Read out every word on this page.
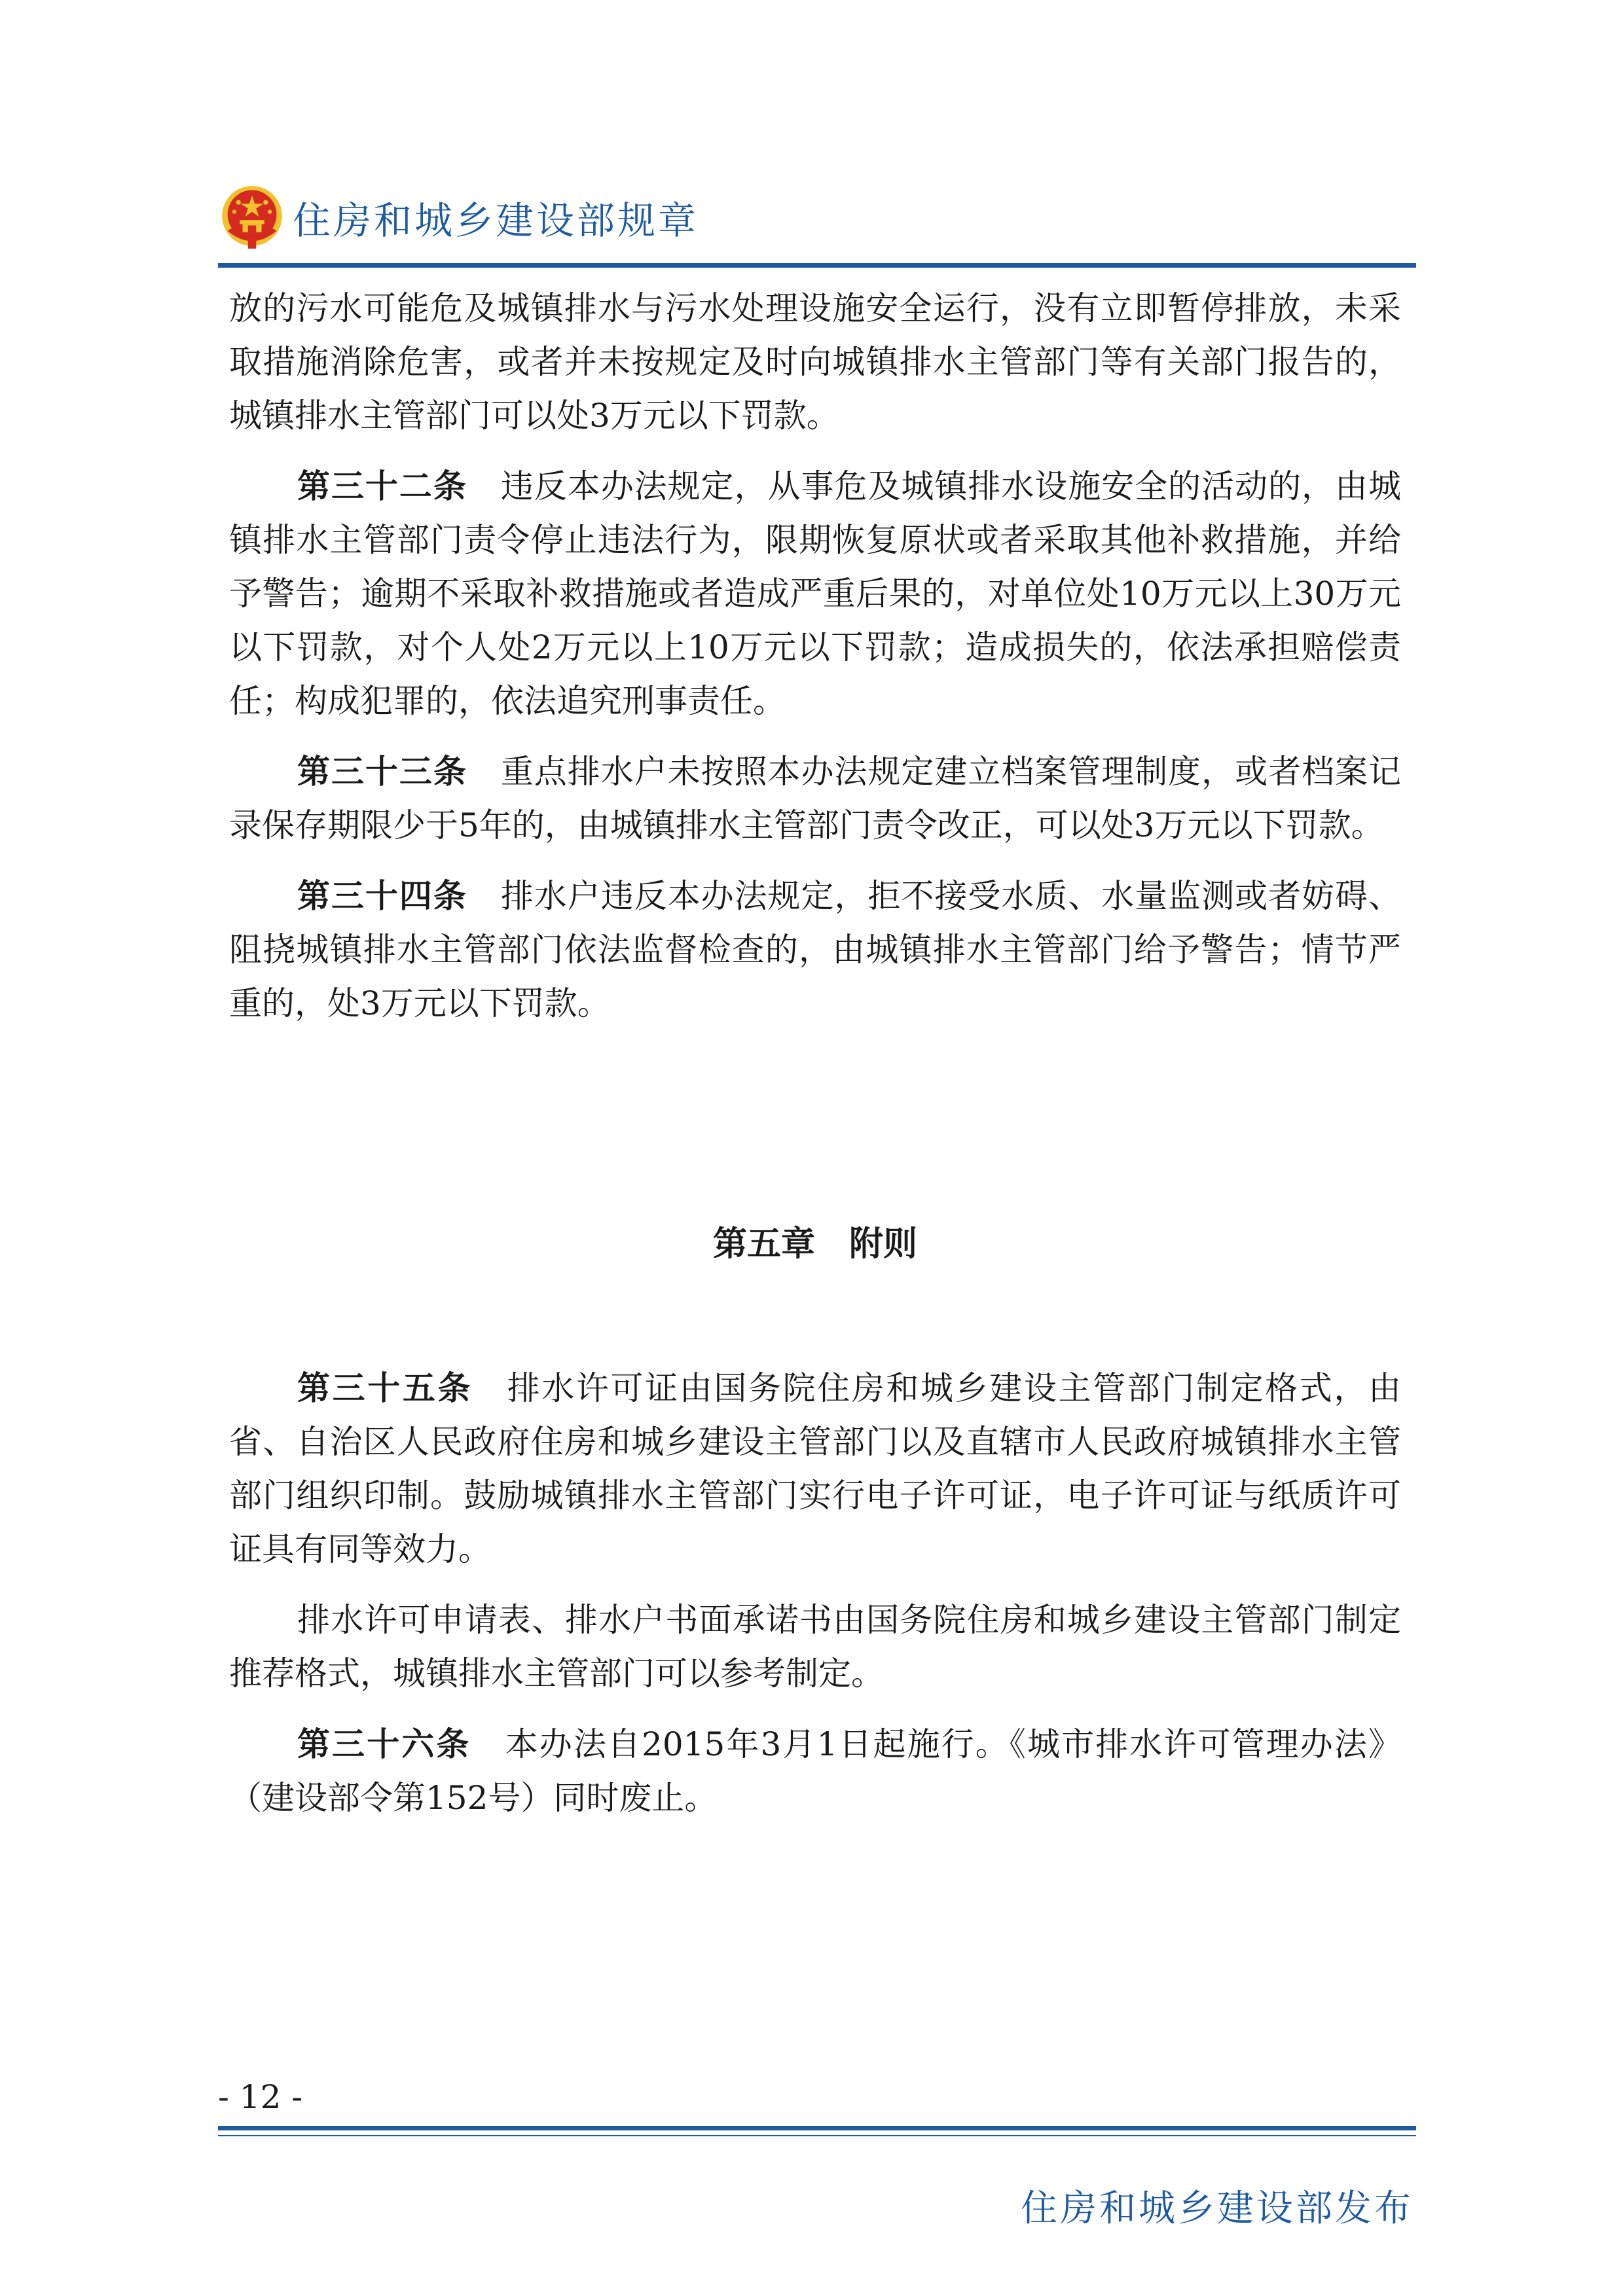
住房和城乡建设部规章

放的污水可能危及城镇排水与污水处理设施安全运行，没有立即暂停排放，未采取措施消除危害，或者并未按规定及时向城镇排水主管部门等有关部门报告的，城镇排水主管部门可以处3万元以下罚款。

第三十二条　 违反本办法规定，从事危及城镇排水设施安全的活动的，由城镇排水主管部门责令停止违法行为，限期恢复原状或者采取其他补救措施，并给予警告；逾期不采取补救措施或者造成严重后果的，对单位处10万元以上30万元以下罚款，对个人处2万元以上10万元以下罚款；造成损失的，依法承担赔偿责任；构成犯罪的，依法追究刑事责任。

第三十三条　 重点排水户未按照本办法规定建立档案管理制度，或者档案记录保存期限少于5年的，由城镇排水主管部门责令改正，可以处3万元以下罚款。

第三十四条　 排水户违反本办法规定，拒不接受水质、水量监测或者妨碍、阻挠城镇排水主管部门依法监督检查的，由城镇排水主管部门给予警告；情节严重的，处3万元以下罚款。

第五章　附则

第三十五条　 排水许可证由国务院住房和城乡建设主管部门制定格式，由省、自治区人民政府住房和城乡建设主管部门以及直辖市人民政府城镇排水主管部门组织印制。鼓励城镇排水主管部门实行电子许可证，电子许可证与纸质许可证具有同等效力。

排水许可申请表、排水户书面承诺书由国务院住房和城乡建设主管部门制定推荐格式，城镇排水主管部门可以参考制定。

第三十六条　 本办法自2015年3月1日起施行。《城市排水许可管理办法》（建设部令第152号）同时废止。

- 12 -
住房和城乡建设部发布
